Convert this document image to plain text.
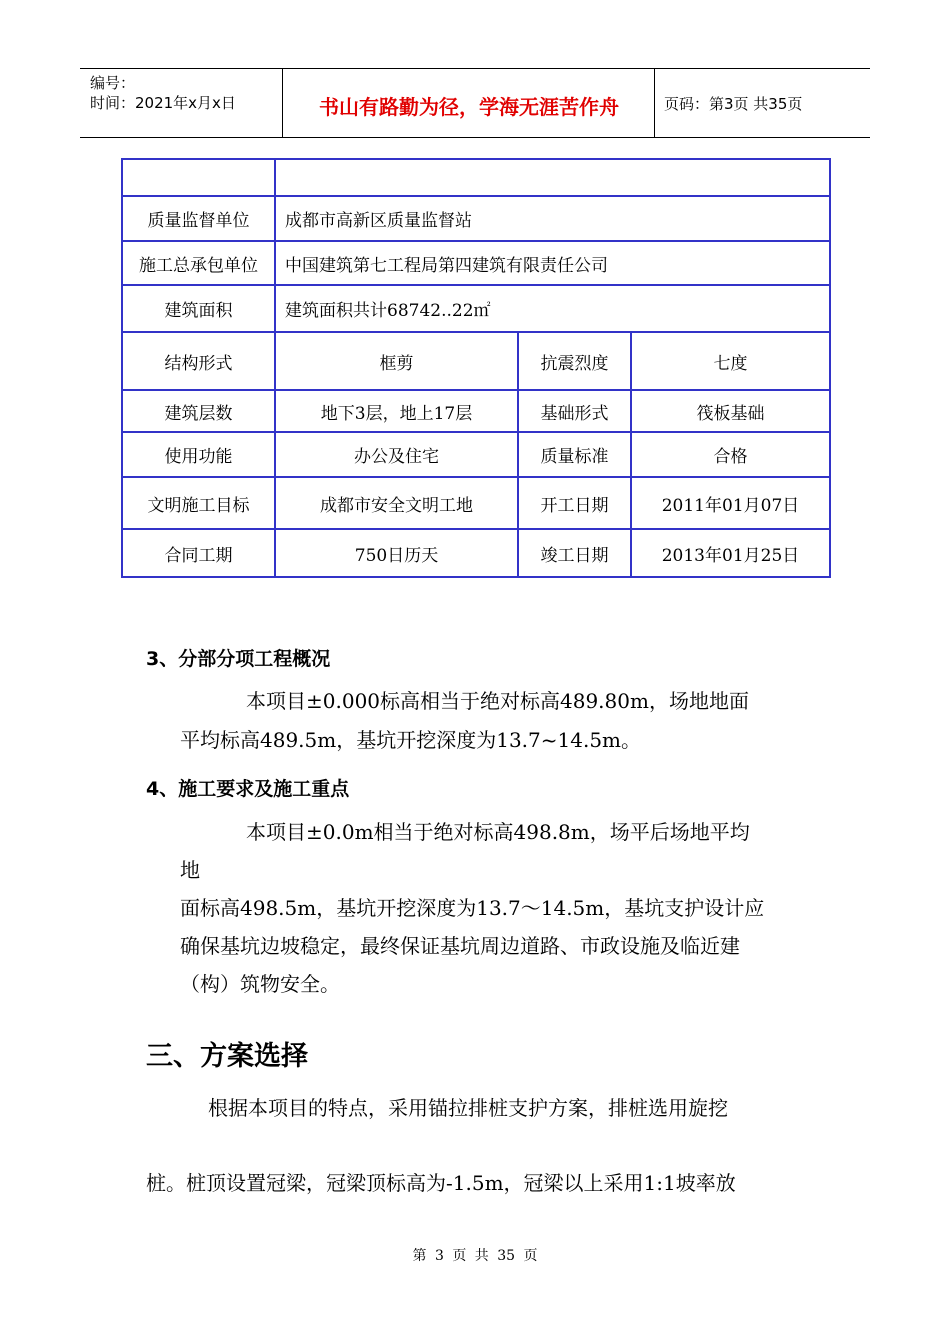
编号：
时间：2021年x月x日	书山有路勤为径，学海无涯苦作舟	页码：第3页 共35页

质量监督单位	成都市高新区质量监督站		
施工总承包单位	中国建筑第七工程局第四建筑有限责任公司		
建筑面积	建筑面积共计68742..22㎡		
结构形式	框剪	抗震烈度	七度
建筑层数	地下3层，地上17层	基础形式	筏板基础
使用功能	办公及住宅	质量标准	合格
文明施工目标	成都市安全文明工地	开工日期	2011年01月07日
合同工期	750日历天	竣工日期	2013年01月25日
3、分部分项工程概况
本项目±0.000标高相当于绝对标高489.80m，场地地面
平均标高489.5m，基坑开挖深度为13.7~14.5m。
4、施工要求及施工重点
本项目±0.0m相当于绝对标高498.8m，场平后场地平均
地
面标高498.5m，基坑开挖深度为13.7～14.5m，基坑支护设计应
确保基坑边坡稳定，最终保证基坑周边道路、市政设施及临近建
（构）筑物安全。
三、方案选择
根据本项目的特点，采用锚拉排桩支护方案，排桩选用旋挖
桩。桩顶设置冠梁，冠梁顶标高为-1.5m，冠梁以上采用1:1坡率放
第 3 页 共 35 页
